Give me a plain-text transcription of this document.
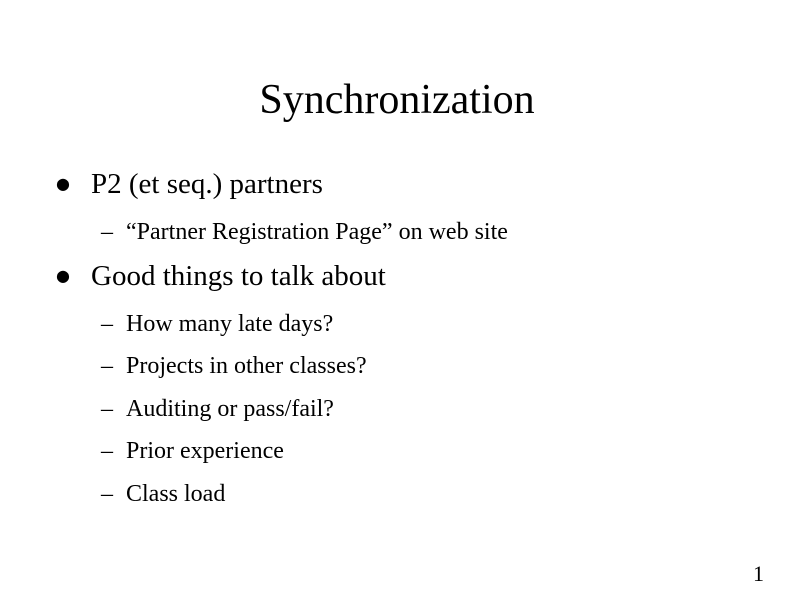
Synchronization
● P2 (et seq.) partners
– “Partner Registration Page” on web site
● Good things to talk about
– How many late days?
– Projects in other classes?
– Auditing or pass/fail?
– Prior experience
– Class load
1
